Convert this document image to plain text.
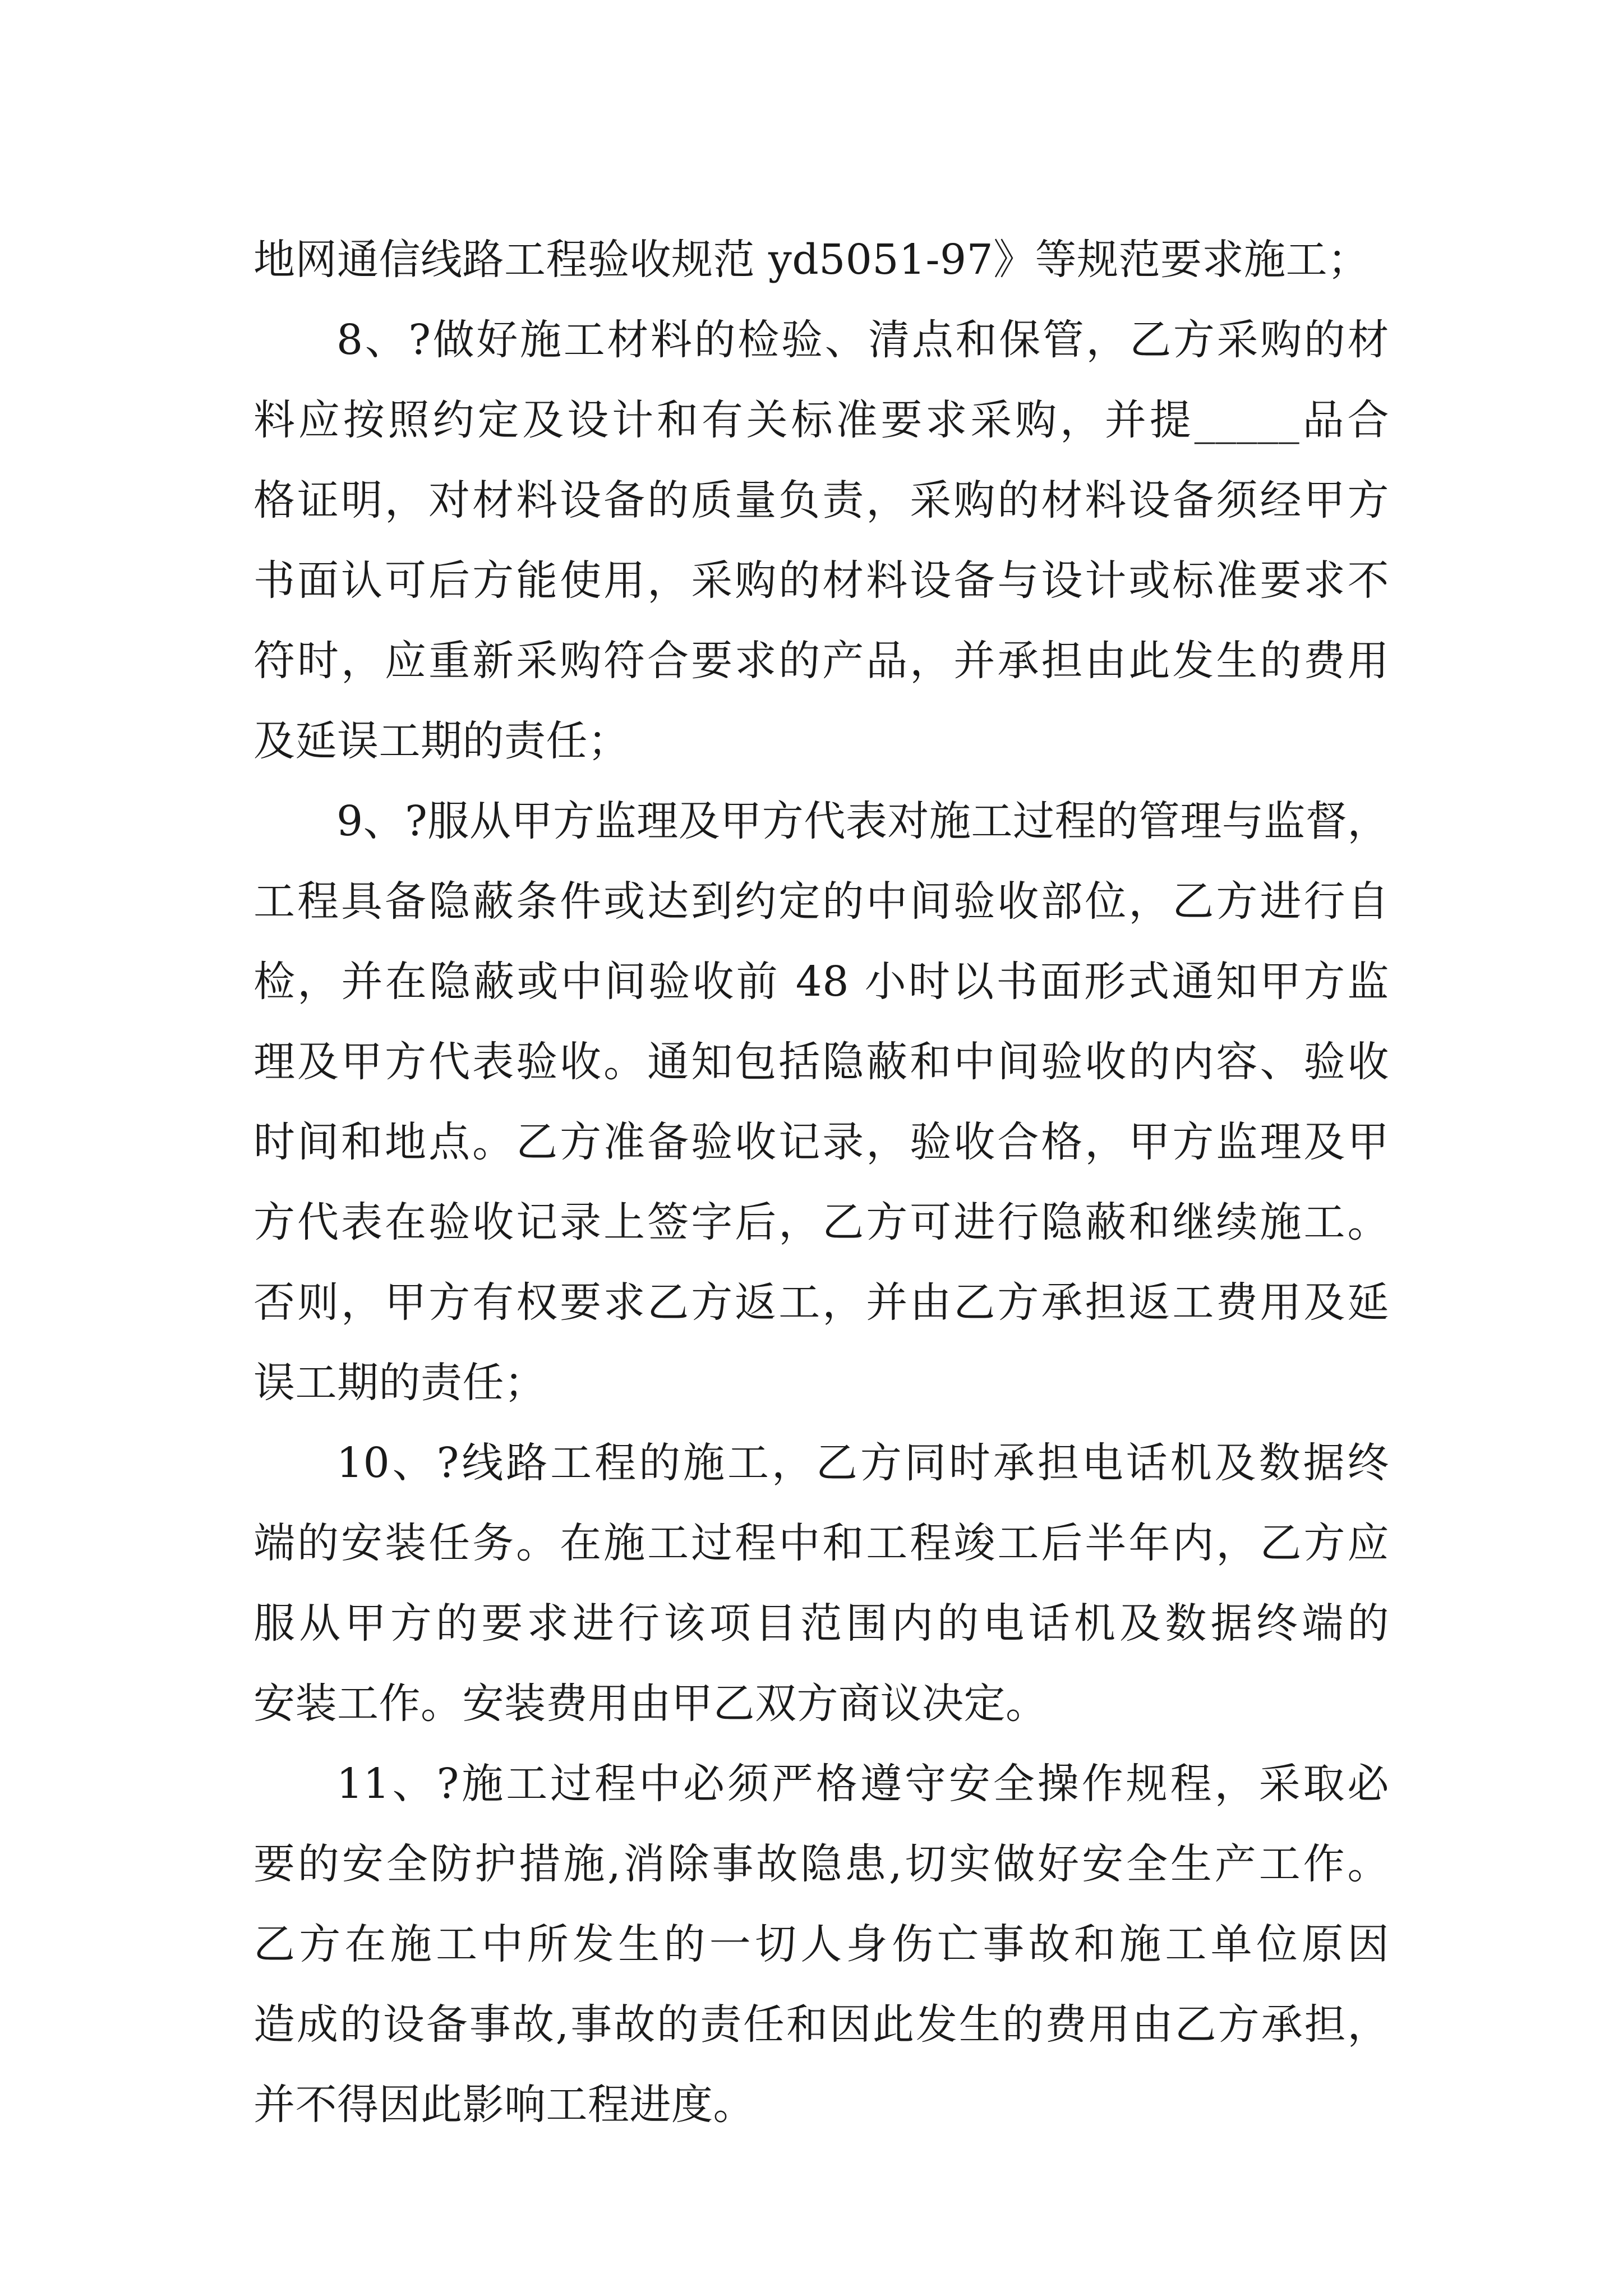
地网通信线路工程验收规范 yd5051-97》等规范要求施工；
8、?做好施工材料的检验、清点和保管，乙方采购的材
料应按照约定及设计和有关标准要求采购，并提_____品合
格证明，对材料设备的质量负责，采购的材料设备须经甲方
书面认可后方能使用，采购的材料设备与设计或标准要求不
符时，应重新采购符合要求的产品，并承担由此发生的费用
及延误工期的责任；
9、?服从甲方监理及甲方代表对施工过程的管理与监督，
工程具备隐蔽条件或达到约定的中间验收部位，乙方进行自
检，并在隐蔽或中间验收前 48 小时以书面形式通知甲方监
理及甲方代表验收。通知包括隐蔽和中间验收的内容、验收
时间和地点。乙方准备验收记录，验收合格，甲方监理及甲
方代表在验收记录上签字后，乙方可进行隐蔽和继续施工。
否则，甲方有权要求乙方返工，并由乙方承担返工费用及延
误工期的责任；
10、?线路工程的施工，乙方同时承担电话机及数据终
端的安装任务。在施工过程中和工程竣工后半年内，乙方应
服从甲方的要求进行该项目范围内的电话机及数据终端的
安装工作。安装费用由甲乙双方商议决定。
11、?施工过程中必须严格遵守安全操作规程，采取必
要的安全防护措施,消除事故隐患,切实做好安全生产工作。
乙方在施工中所发生的一切人身伤亡事故和施工单位原因
造成的设备事故,事故的责任和因此发生的费用由乙方承担，
并不得因此影响工程进度。
